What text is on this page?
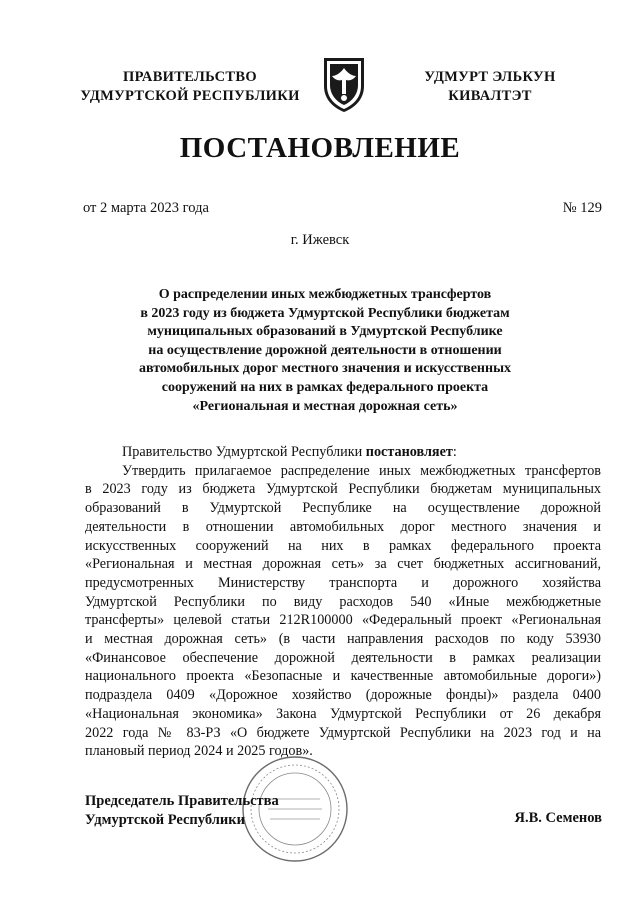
ПРАВИТЕЛЬСТВО
УДМУРТСКОЙ РЕСПУБЛИКИ
УДМУРТ ЭЛЬКУН
КИВАЛТЭТ
ПОСТАНОВЛЕНИЕ
от 2 марта 2023 года	№ 129
г. Ижевск
О распределении иных межбюджетных трансфертов
в 2023 году из бюджета Удмуртской Республики бюджетам
муниципальных образований в Удмуртской Республике
на осуществление дорожной деятельности в отношении
автомобильных дорог местного значения и искусственных
сооружений на них в рамках федерального проекта
«Региональная и местная дорожная сеть»
Правительство Удмуртской Республики постановляет:
Утвердить прилагаемое распределение иных межбюджетных трансфертов
в 2023 году из бюджета Удмуртской Республики бюджетам муниципальных
образований в Удмуртской Республике на осуществление дорожной
деятельности в отношении автомобильных дорог местного значения и
искусственных сооружений на них в рамках федерального проекта
«Региональная и местная дорожная сеть» за счет бюджетных ассигнований,
предусмотренных Министерству транспорта и дорожного хозяйства
Удмуртской Республики по виду расходов 540 «Иные межбюджетные
трансферты» целевой статьи 212R100000 «Федеральный проект «Региональная
и местная дорожная сеть» (в части направления расходов по коду 53930
«Финансовое обеспечение дорожной деятельности в рамках реализации
национального проекта «Безопасные и качественные автомобильные дороги»)
подраздела 0409 «Дорожное хозяйство (дорожные фонды)» раздела 0400
«Национальная экономика» Закона Удмуртской Республики от 26 декабря
2022 года № 83-РЗ «О бюджете Удмуртской Республики на 2023 год и на
плановый период 2024 и 2025 годов».
Председатель Правительства
Удмуртской Республики	Я.В. Семенов
